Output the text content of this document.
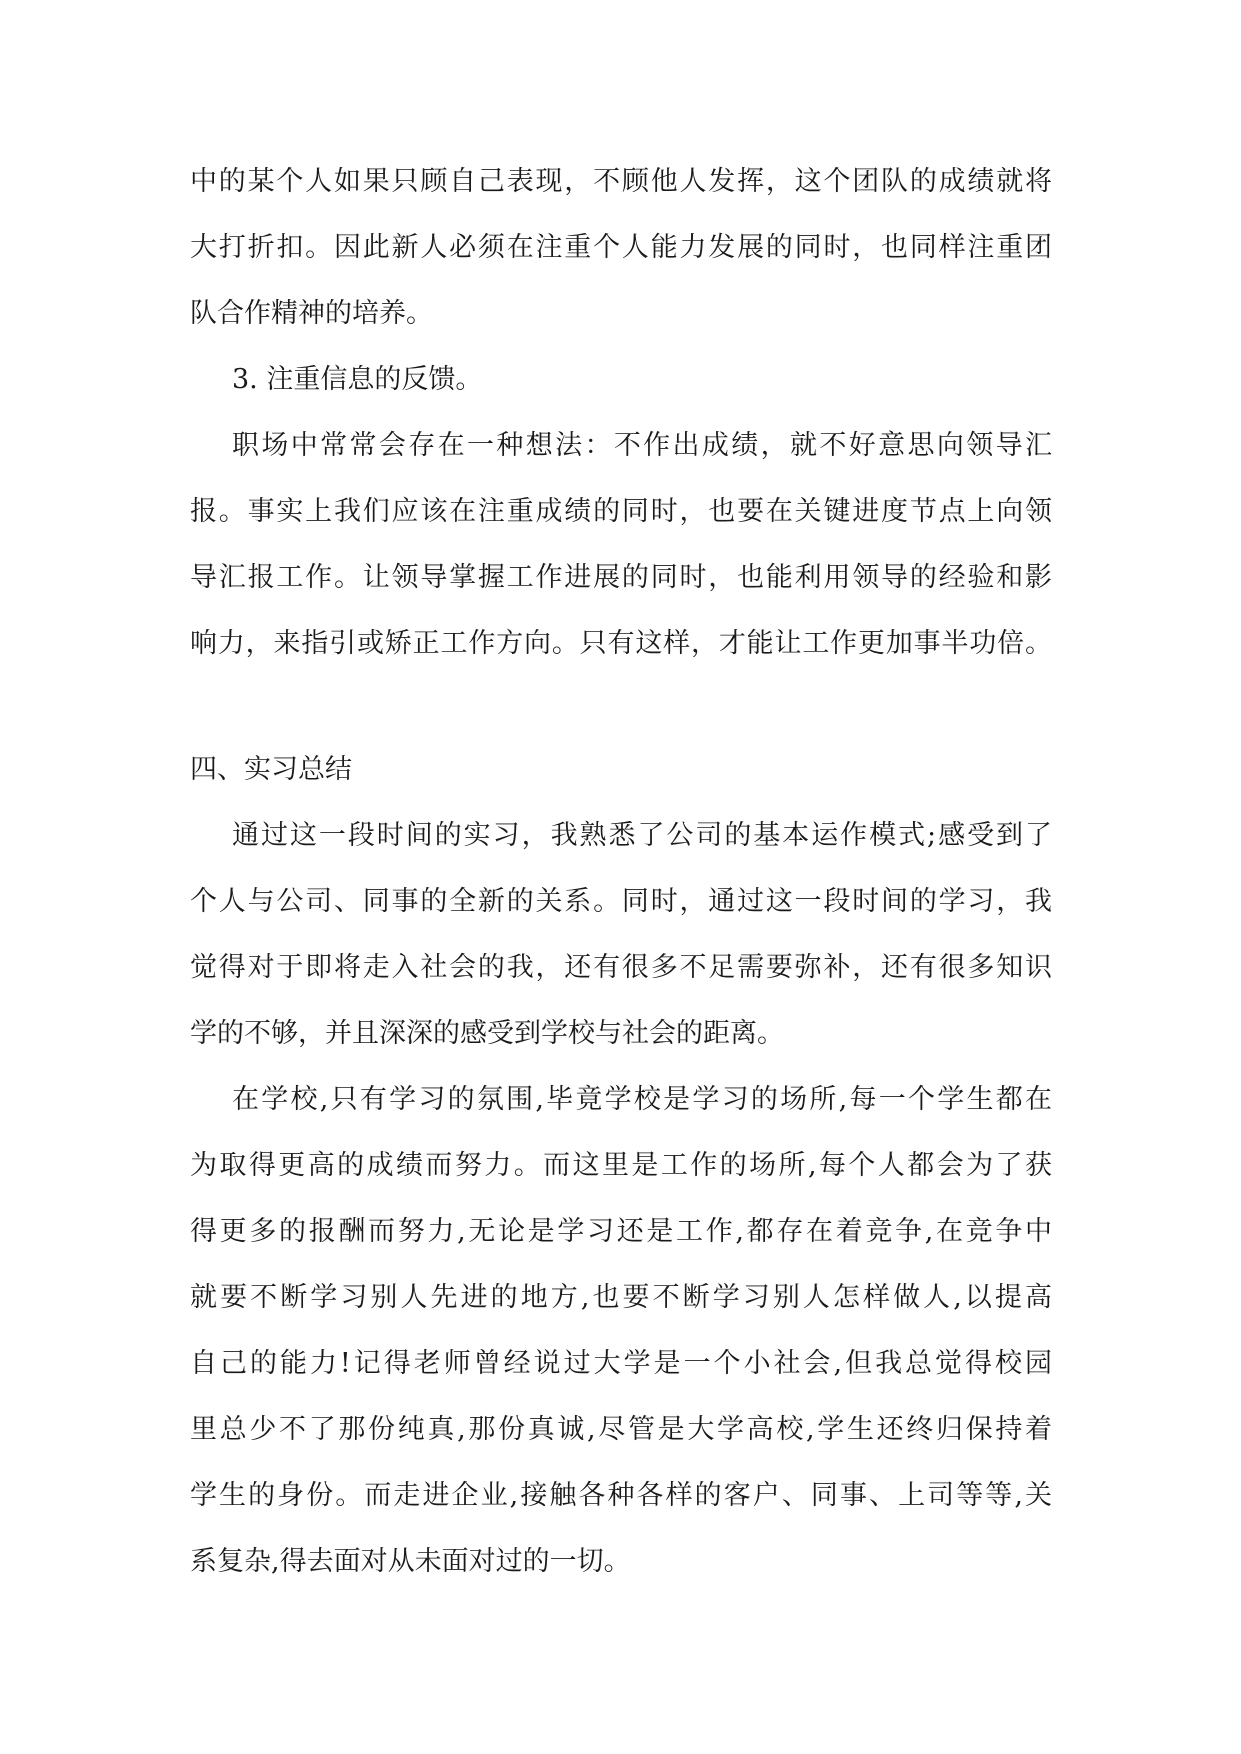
中的某个人如果只顾自己表现，不顾他人发挥，这个团队的成绩就将
大打折扣。因此新人必须在注重个人能力发展的同时，也同样注重团
队合作精神的培养。
3. 注重信息的反馈。
职场中常常会存在一种想法：不作出成绩，就不好意思向领导汇
报。事实上我们应该在注重成绩的同时，也要在关键进度节点上向领
导汇报工作。让领导掌握工作进展的同时，也能利用领导的经验和影
响力，来指引或矫正工作方向。只有这样，才能让工作更加事半功倍。
四、实习总结
通过这一段时间的实习，我熟悉了公司的基本运作模式;感受到了
个人与公司、同事的全新的关系。同时，通过这一段时间的学习，我
觉得对于即将走入社会的我，还有很多不足需要弥补，还有很多知识
学的不够，并且深深的感受到学校与社会的距离。
在学校,只有学习的氛围,毕竟学校是学习的场所,每一个学生都在
为取得更高的成绩而努力。而这里是工作的场所,每个人都会为了获
得更多的报酬而努力,无论是学习还是工作,都存在着竞争,在竞争中
就要不断学习别人先进的地方,也要不断学习别人怎样做人,以提高
自己的能力!记得老师曾经说过大学是一个小社会,但我总觉得校园
里总少不了那份纯真,那份真诚,尽管是大学高校,学生还终归保持着
学生的身份。而走进企业,接触各种各样的客户、同事、上司等等,关
系复杂,得去面对从未面对过的一切。
